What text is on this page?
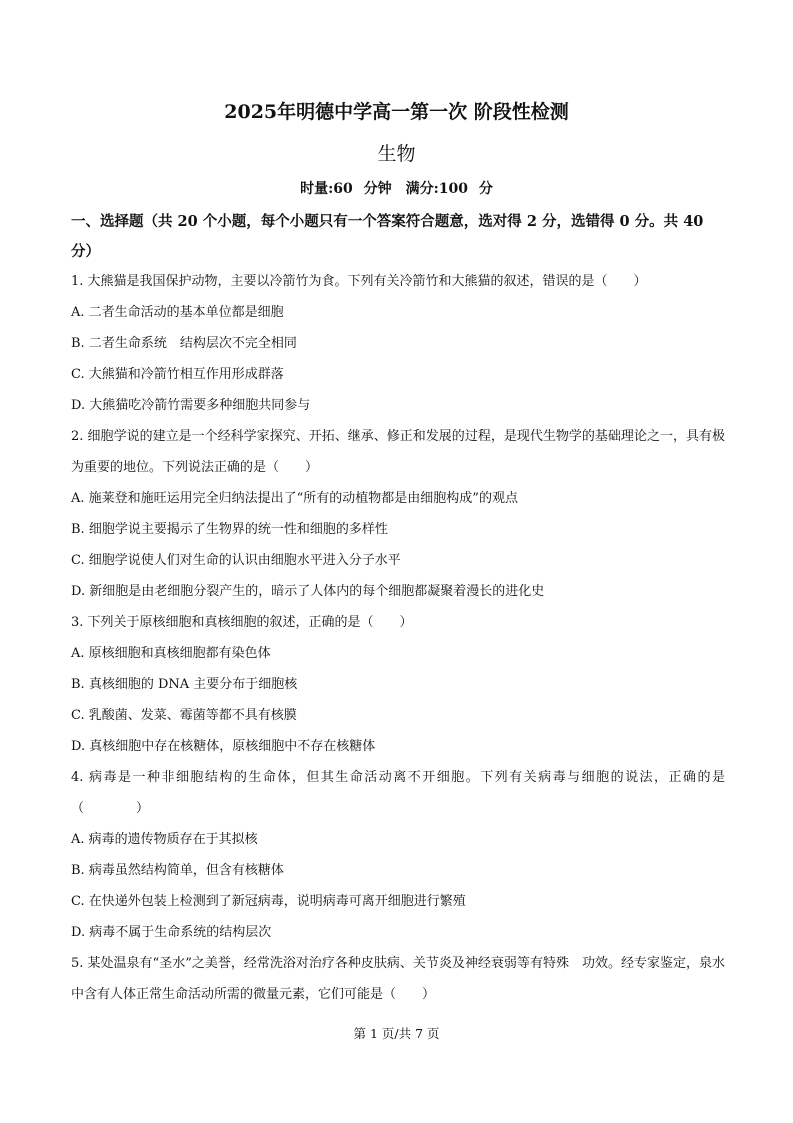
2025年明德中学高一第一次 阶段性检测
生物
时量:60 分钟　满分:100 分
一、选择题（共 20 个小题，每个小题只有一个答案符合题意，选对得 2 分，选错得 0 分。共 40 分）

1. 大熊猫是我国保护动物，主要以冷箭竹为食。下列有关冷箭竹和大熊猫的叙述，错误的是（　　）

A. 二者生命活动的基本单位都是细胞

B. 二者生命系统　结构层次不完全相同

C. 大熊猫和冷箭竹相互作用形成群落

D. 大熊猫吃冷箭竹需要多种细胞共同参与

2. 细胞学说的建立是一个经科学家探究、开拓、继承、修正和发展的过程，是现代生物学的基础理论之一，具有极为重要的地位。下列说法正确的是（　　）

A. 施莱登和施旺运用完全归纳法提出了“所有的动植物都是由细胞构成”的观点

B. 细胞学说主要揭示了生物界的统一性和细胞的多样性

C. 细胞学说使人们对生命的认识由细胞水平进入分子水平

D. 新细胞是由老细胞分裂产生的，暗示了人体内的每个细胞都凝聚着漫长的进化史

3. 下列关于原核细胞和真核细胞的叙述，正确的是（　　）

A. 原核细胞和真核细胞都有染色体

B. 真核细胞的 DNA 主要分布于细胞核

C. 乳酸菌、发菜、霉菌等都不具有核膜

D. 真核细胞中存在核糖体，原核细胞中不存在核糖体

4. 病毒是一种非细胞结构的生命体，但其生命活动离不开细胞。下列有关病毒与细胞的说法，正确的是（　　　　）

A. 病毒的遗传物质存在于其拟核

B. 病毒虽然结构简单，但含有核糖体

C. 在快递外包装上检测到了新冠病毒，说明病毒可离开细胞进行繁殖

D. 病毒不属于生命系统的结构层次

5. 某处温泉有“圣水”之美誉，经常洗浴对治疗各种皮肤病、关节炎及神经衰弱等有特殊　功效。经专家鉴定，泉水中含有人体正常生命活动所需的微量元素，它们可能是（　　）

第 1 页/共 7 页
